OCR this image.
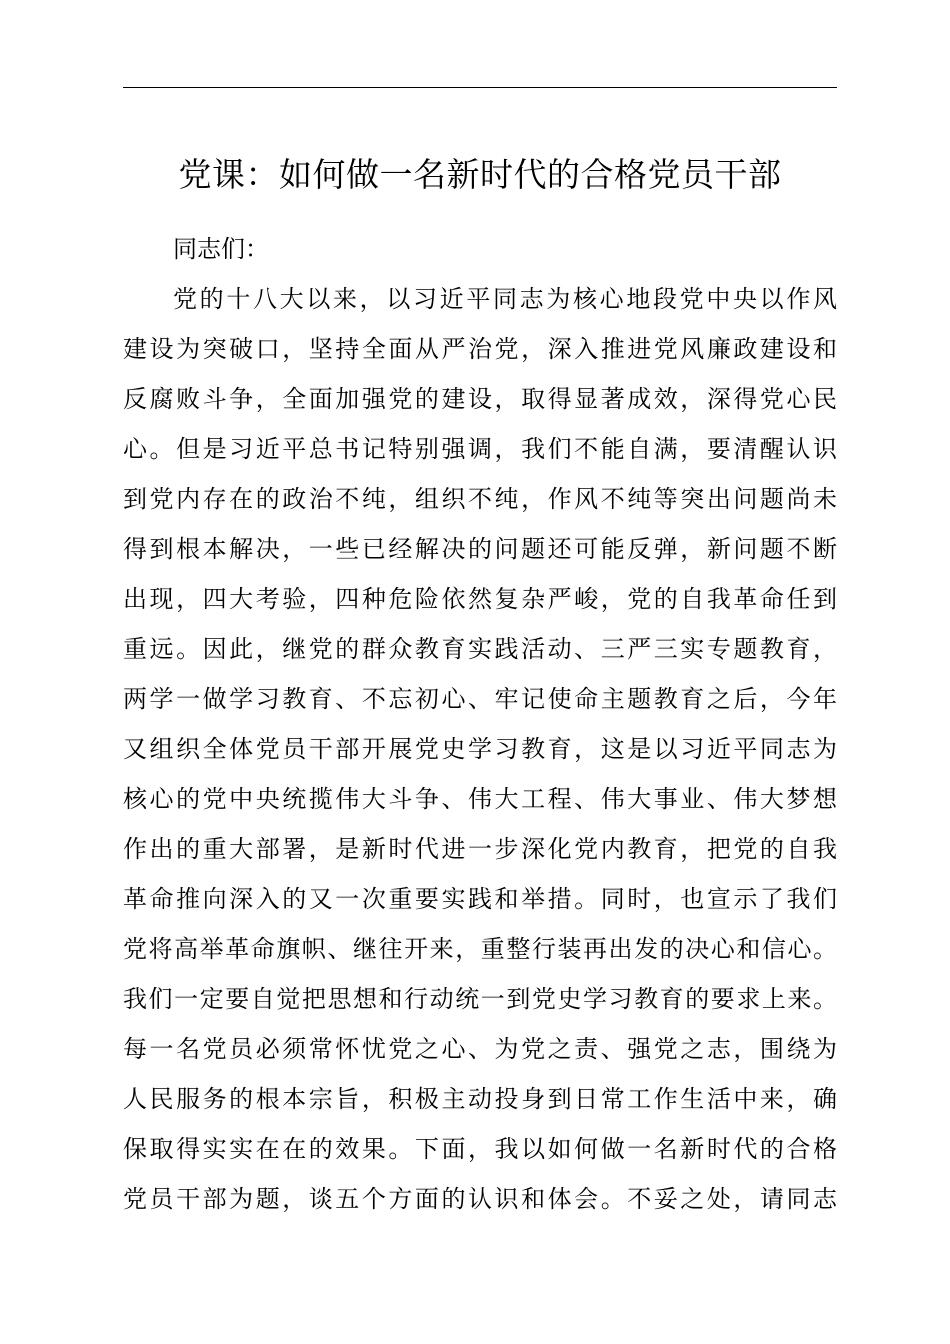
党课：如何做一名新时代的合格党员干部

同志们：

党的十八大以来，以习近平同志为核心地段党中央以作风
建设为突破口，坚持全面从严治党，深入推进党风廉政建设和
反腐败斗争，全面加强党的建设，取得显著成效，深得党心民
心。但是习近平总书记特别强调，我们不能自满，要清醒认识
到党内存在的政治不纯，组织不纯，作风不纯等突出问题尚未
得到根本解决，一些已经解决的问题还可能反弹，新问题不断
出现，四大考验，四种危险依然复杂严峻，党的自我革命任到
重远。因此，继党的群众教育实践活动、三严三实专题教育，
两学一做学习教育、不忘初心、牢记使命主题教育之后，今年
又组织全体党员干部开展党史学习教育，这是以习近平同志为
核心的党中央统揽伟大斗争、伟大工程、伟大事业、伟大梦想
作出的重大部署，是新时代进一步深化党内教育，把党的自我
革命推向深入的又一次重要实践和举措。同时，也宣示了我们
党将高举革命旗帜、继往开来，重整行装再出发的决心和信心。
我们一定要自觉把思想和行动统一到党史学习教育的要求上来。
每一名党员必须常怀忧党之心、为党之责、强党之志，围绕为
人民服务的根本宗旨，积极主动投身到日常工作生活中来，确
保取得实实在在的效果。下面，我以如何做一名新时代的合格
党员干部为题，谈五个方面的认识和体会。不妥之处，请同志
